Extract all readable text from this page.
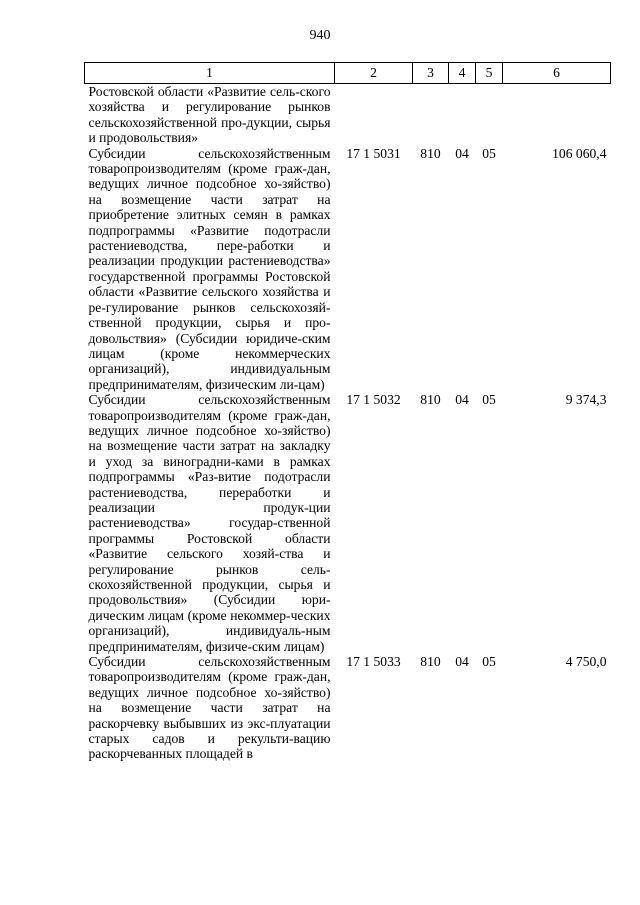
940
1	2	3	4	5	6
Ростовской области «Развитие сель-ского хозяйства и регулирование рынков сельскохозяйственной про-дукции, сырья и продовольствия»					
Субсидии сельскохозяйственным товаропроизводителям (кроме граж-дан, ведущих личное подсобное хо-зяйство) на возмещение части затрат на приобретение элитных семян в рамках подпрограммы «Развитие подотрасли растениеводства, пере-работки и реализации продукции растениеводства» государственной программы Ростовской области «Развитие сельского хозяйства и ре-гулирование рынков сельскохозяй-ственной продукции, сырья и про-довольствия» (Субсидии юридиче-ским лицам (кроме некоммерческих организаций), индивидуальным предпринимателям, физическим ли-цам)	17 1 5031	810	04	05	106 060,4
Субсидии сельскохозяйственным товаропроизводителям (кроме граж-дан, ведущих личное подсобное хо-зяйство) на возмещение части затрат на закладку и уход за виноградни-ками в рамках подпрограммы «Раз-витие подотрасли растениеводства, переработки и реализации продук-ции растениеводства» государ-ственной программы Ростовской области «Развитие сельского хозяй-ства и регулирование рынков сель-скохозяйственной продукции, сырья и продовольствия» (Субсидии юри-дическим лицам (кроме некоммер-ческих организаций), индивидуаль-ным предпринимателям, физиче-ским лицам)	17 1 5032	810	04	05	9 374,3
Субсидии сельскохозяйственным товаропроизводителям (кроме граж-дан, ведущих личное подсобное хо-зяйство) на возмещение части затрат на раскорчевку выбывших из экс-плуатации старых садов и рекульти-вацию раскорчеванных площадей в	17 1 5033	810	04	05	4 750,0
